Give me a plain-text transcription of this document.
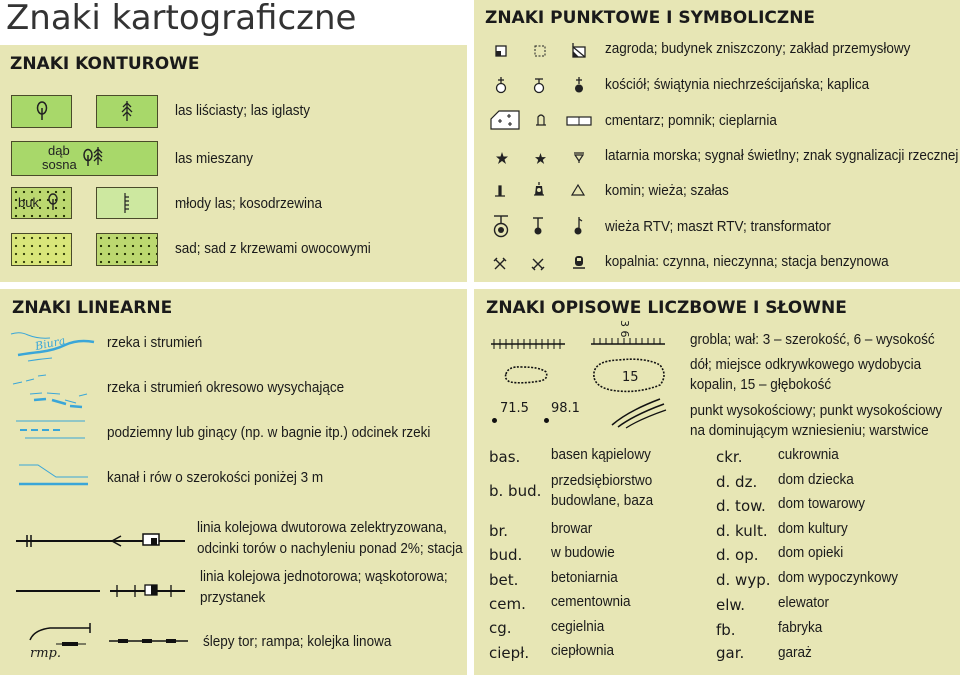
Znaki kartograficzne
ZNAKI KONTUROWE
las liściasty; las iglasty
dąb
sosna	las mieszany
buk	młody las; kosodrzewina
sad; sad z krzewami owocowymi
ZNAKI PUNKTOWE I SYMBOLICZNE
zagroda; budynek zniszczony; zakład przemysłowy
kościół; świątynia niechrześcijańska; kaplica
cmentarz; pomnik; cieplarnia
latarnia morska; sygnał świetlny; znak sygnalizacji rzecznej
komin; wieża; szałas
wieża RTV; maszt RTV; transformator
kopalnia: czynna, nieczynna; stacja benzynowa
ZNAKI LINEARNE
Biura	rzeka i strumień
rzeka i strumień okresowo wysychające
podziemny lub ginący (np. w bagnie itp.) odcinek rzeki
kanał i rów o szerokości poniżej 3 m
linia kolejowa dwutorowa zelektryzowana,
odcinki torów o nachyleniu ponad 2%; stacja
linia kolejowa jednotorowa; wąskotorowa;
przystanek
rmp.
ślepy tor; rampa; kolejka linowa
ZNAKI OPISOWE LICZBOWE I SŁOWNE
3 6
15
71.5 98.1
grobla; wał: 3 – szerokość, 6 – wysokość
dół; miejsce odkrywkowego wydobycia
kopalin, 15 – głębokość
punkt wysokościowy; punkt wysokościowy
na dominującym wzniesieniu; warstwice
bas. basen kąpielowy
b. bud.
przedsiębiorstwo
budowlane, baza
br.	browar
bud. w budowie
bet. betoniarnia
cem. cementownia
cg.	cegielnia
ciepł. ciepłownia
ckr. cukrownia
d. dz. dom dziecka
d. tow. dom towarowy
d. kult. dom kultury
d. op. dom opieki
d. wyp. dom wypoczynkowy
elw. elewator
fb.	fabryka
gar. garaż
